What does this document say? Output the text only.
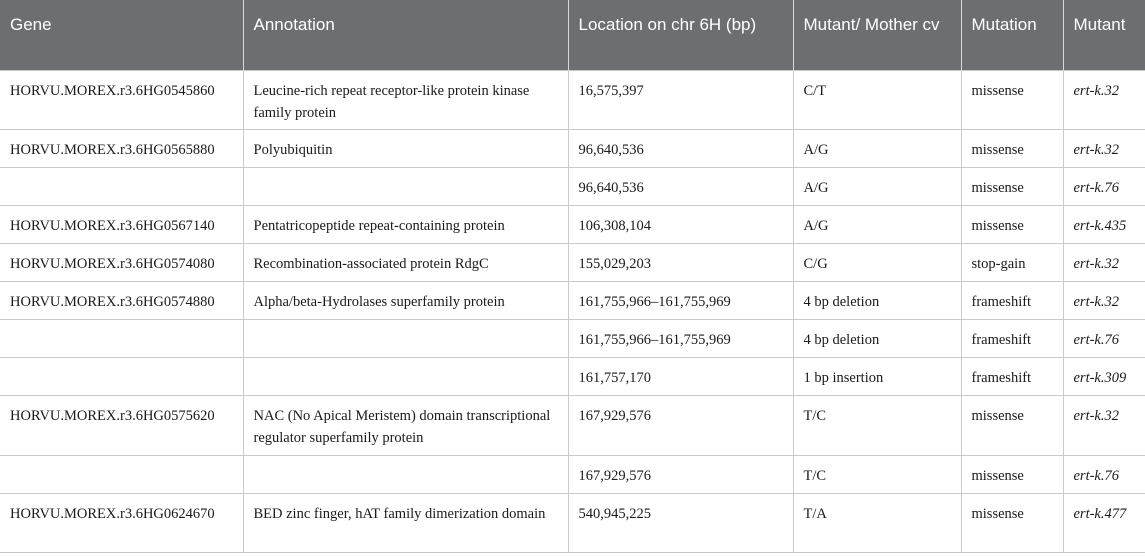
Gene	Annotation	Location on chr 6H (bp)	Mutant/ Mother cv	Mutation	Mutant
HORVU.MOREX.r3.6HG0545860	Leucine-rich repeat receptor-like protein kinase family protein	16,575,397	C/T	missense	ert-k.32
HORVU.MOREX.r3.6HG0565880	Polyubiquitin	96,640,536	A/G	missense	ert-k.32
		96,640,536	A/G	missense	ert-k.76
HORVU.MOREX.r3.6HG0567140	Pentatricopeptide repeat-containing protein	106,308,104	A/G	missense	ert-k.435
HORVU.MOREX.r3.6HG0574080	Recombination-associated protein RdgC	155,029,203	C/G	stop-gain	ert-k.32
HORVU.MOREX.r3.6HG0574880	Alpha/beta-Hydrolases superfamily protein	161,755,966–161,755,969	4 bp deletion	frameshift	ert-k.32
		161,755,966–161,755,969	4 bp deletion	frameshift	ert-k.76
		161,757,170	1 bp insertion	frameshift	ert-k.309
HORVU.MOREX.r3.6HG0575620	NAC (No Apical Meristem) domain transcriptional regulator superfamily protein	167,929,576	T/C	missense	ert-k.32
		167,929,576	T/C	missense	ert-k.76
HORVU.MOREX.r3.6HG0624670	BED zinc finger, hAT family dimerization domain	540,945,225	T/A	missense	ert-k.477
